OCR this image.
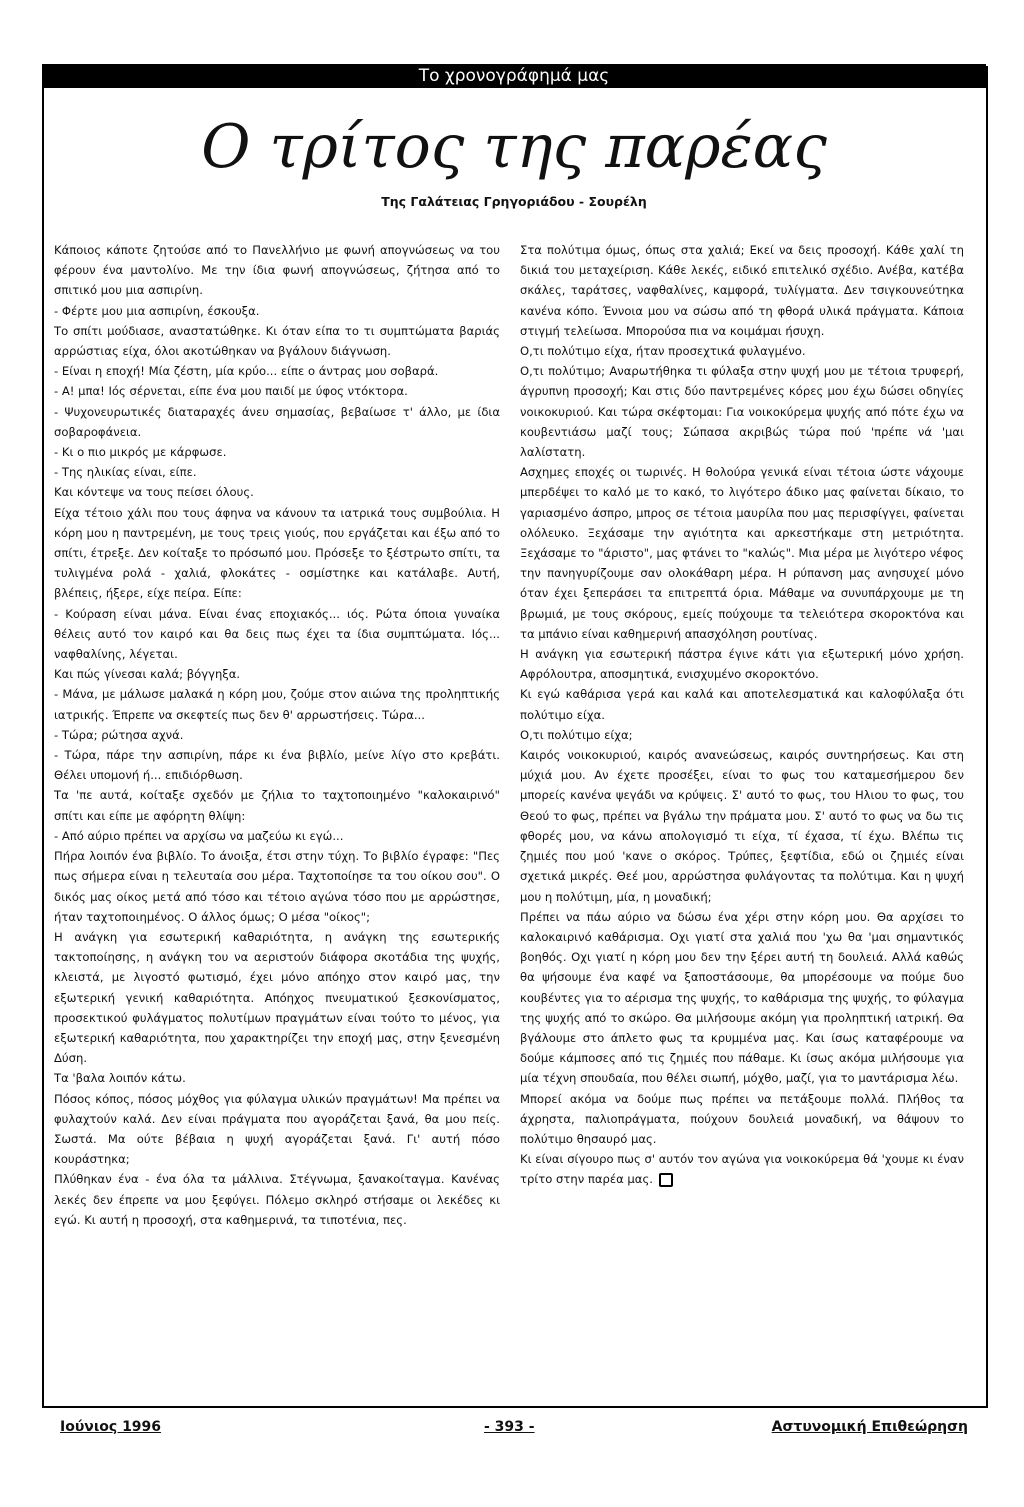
Το χρονογράφημά μας
Ο τρίτος της παρέας
Της Γαλάτειας Γρηγοριάδου - Σουρέλη

Κάποιος κάποτε ζητούσε από το Πανελλήνιο με φωνή απογνώσεως να του φέρουν ένα μαντολίνο. Με την ίδια φωνή απογνώσεως, ζήτησα από το σπιτικό μου μια ασπιρίνη.

- Φέρτε μου μια ασπιρίνη, έσκουξα.

Το σπίτι μούδιασε, αναστατώθηκε. Κι όταν είπα το τι συμπτώματα βαριάς αρρώστιας είχα, όλοι ακοτώθηκαν να βγάλουν διάγνωση.

- Είναι η εποχή! Μία ζέστη, μία κρύο... είπε ο άντρας μου σοβαρά.

- Α! μπα! Ιός σέρνεται, είπε ένα μου παιδί με ύφος ντόκτορα.

- Ψυχονευρωτικές διαταραχές άνευ σημασίας, βεβαίωσε τ' άλλο, με ίδια σοβαροφάνεια.

- Κι ο πιο μικρός με κάρφωσε.

- Της ηλικίας είναι, είπε.

Και κόντεψε να τους πείσει όλους.

Είχα τέτοιο χάλι που τους άφηνα να κάνουν τα ιατρικά τους συμβούλια. Η κόρη μου η παντρεμένη, με τους τρεις γιούς, που εργάζεται και έξω από το σπίτι, έτρεξε. Δεν κοίταξε το πρόσωπό μου. Πρόσεξε το ξέστρωτο σπίτι, τα τυλιγμένα ρολά - χαλιά, φλοκάτες - οσμίστηκε και κατάλαβε. Αυτή, βλέπεις, ήξερε, είχε πείρα. Είπε:

- Κούραση είναι μάνα. Είναι ένας εποχιακός... ιός. Ρώτα όποια γυναίκα θέλεις αυτό τον καιρό και θα δεις πως έχει τα ίδια συμπτώματα. Ιός... ναφθαλίνης, λέγεται.

Και πώς γίνεσαι καλά; βόγγηξα.

- Μάνα, με μάλωσε μαλακά η κόρη μου, ζούμε στον αιώνα της προληπτικής ιατρικής. Έπρεπε να σκεφτείς πως δεν θ' αρρωστήσεις. Τώρα...

- Τώρα; ρώτησα αχνά.

- Τώρα, πάρε την ασπιρίνη, πάρε κι ένα βιβλίο, μείνε λίγο στο κρεβάτι. Θέλει υπομονή ή... επιδιόρθωση.

Τα 'πε αυτά, κοίταξε σχεδόν με ζήλια το ταχτοποιημένο "καλοκαιρινό" σπίτι και είπε με αφόρητη θλίψη:

- Από αύριο πρέπει να αρχίσω να μαζεύω κι εγώ...

Πήρα λοιπόν ένα βιβλίο. Το άνοιξα, έτσι στην τύχη. Το βιβλίο έγραφε: "Πες πως σήμερα είναι η τελευταία σου μέρα. Ταχτοποίησε τα του οίκου σου". Ο δικός μας οίκος μετά από τόσο και τέτοιο αγώνα τόσο που με αρρώστησε, ήταν ταχτοποιημένος. Ο άλλος όμως; Ο μέσα "οίκος";

Η ανάγκη για εσωτερική καθαριότητα, η ανάγκη της εσωτερικής τακτοποίησης, η ανάγκη του να αεριστούν διάφορα σκοτάδια της ψυχής, κλειστά, με λιγοστό φωτισμό, έχει μόνο απόηχο στον καιρό μας, την εξωτερική γενική καθαριότητα. Απόηχος πνευματικού ξεσκονίσματος, προσεκτικού φυλάγματος πολυτίμων πραγμάτων είναι τούτο το μένος, για εξωτερική καθαριότητα, που χαρακτηρίζει την εποχή μας, στην ξενεσμένη Δύση.

Τα 'βαλα λοιπόν κάτω.

Πόσος κόπος, πόσος μόχθος για φύλαγμα υλικών πραγμάτων! Μα πρέπει να φυλαχτούν καλά. Δεν είναι πράγματα που αγοράζεται ξανά, θα μου πείς. Σωστά. Μα ούτε βέβαια η ψυχή αγοράζεται ξανά. Γι' αυτή πόσο κουράστηκα;

Πλύθηκαν ένα - ένα όλα τα μάλλινα. Στέγνωμα, ξανακοίταγμα. Κανένας λεκές δεν έπρεπε να μου ξεφύγει. Πόλεμο σκληρό στήσαμε οι λεκέδες κι εγώ. Κι αυτή η προσοχή, στα καθημερινά, τα τιποτένια, πες.

Στα πολύτιμα όμως, όπως στα χαλιά; Εκεί να δεις προσοχή. Κάθε χαλί τη δικιά του μεταχείριση. Κάθε λεκές, ειδικό επιτελικό σχέδιο. Ανέβα, κατέβα σκάλες, ταράτσες, ναφθαλίνες, καμφορά, τυλίγματα. Δεν τσιγκουνεύτηκα κανένα κόπο. Έννοια μου να σώσω από τη φθορά υλικά πράγματα. Κάποια στιγμή τελείωσα. Μπορούσα πια να κοιμάμαι ήσυχη.

Ο,τι πολύτιμο είχα, ήταν προσεχτικά φυλαγμένο.

Ο,τι πολύτιμο; Αναρωτήθηκα τι φύλαξα στην ψυχή μου με τέτοια τρυφερή, άγρυπνη προσοχή; Και στις δύο παντρεμένες κόρες μου έχω δώσει οδηγίες νοικοκυριού. Και τώρα σκέφτομαι: Για νοικοκύρεμα ψυχής από πότε έχω να κουβεντιάσω μαζί τους; Σώπασα ακριβώς τώρα πού 'πρέπε νά 'μαι λαλίστατη.

Ασχημες εποχές οι τωρινές. Η θολούρα γενικά είναι τέτοια ώστε νάχουμε μπερδέψει το καλό με το κακό, το λιγότερο άδικο μας φαίνεται δίκαιο, το γαριασμένο άσπρο, μπρος σε τέτοια μαυρίλα που μας περισφίγγει, φαίνεται ολόλευκο. Ξεχάσαμε την αγιότητα και αρκεστήκαμε στη μετριότητα. Ξεχάσαμε το "άριστο", μας φτάνει το "καλώς". Μια μέρα με λιγότερο νέφος την πανηγυρίζουμε σαν ολοκάθαρη μέρα. Η ρύπανση μας ανησυχεί μόνο όταν έχει ξεπεράσει τα επιτρεπτά όρια. Μάθαμε να συνυπάρχουμε με τη βρωμιά, με τους σκόρους, εμείς πούχουμε τα τελειότερα σκοροκτόνα και τα μπάνιο είναι καθημερινή απασχόληση ρουτίνας.

Η ανάγκη για εσωτερική πάστρα έγινε κάτι για εξωτερική μόνο χρήση. Αφρόλουτρα, αποσμητικά, ενισχυμένο σκοροκτόνο.

Κι εγώ καθάρισα γερά και καλά και αποτελεσματικά και καλοφύλαξα ότι πολύτιμο είχα.

Ο,τι πολύτιμο είχα;

Καιρός νοικοκυριού, καιρός ανανεώσεως, καιρός συντηρήσεως. Και στη μύχιά μου. Αν έχετε προσέξει, είναι το φως του καταμεσήμερου δεν μπορείς κανένα ψεγάδι να κρύψεις. Σ' αυτό το φως, του Ηλιου το φως, του Θεού το φως, πρέπει να βγάλω την πράματα μου. Σ' αυτό το φως να δω τις φθορές μου, να κάνω απολογισμό τι είχα, τί έχασα, τί έχω. Βλέπω τις ζημιές που μού 'κανε ο σκόρος. Τρύπες, ξεφτίδια, εδώ οι ζημιές είναι σχετικά μικρές. Θεέ μου, αρρώστησα φυλάγοντας τα πολύτιμα. Και η ψυχή μου η πολύτιμη, μία, η μοναδική;

Πρέπει να πάω αύριο να δώσω ένα χέρι στην κόρη μου. Θα αρχίσει το καλοκαιρινό καθάρισμα. Οχι γιατί στα χαλιά που 'χω θα 'μαι σημαντικός βοηθός. Οχι γιατί η κόρη μου δεν την ξέρει αυτή τη δουλειά. Αλλά καθώς θα ψήσουμε ένα καφέ να ξαποστάσουμε, θα μπορέσουμε να πούμε δυο κουβέντες για το αέρισμα της ψυχής, το καθάρισμα της ψυχής, το φύλαγμα της ψυχής από το σκώρο. Θα μιλήσουμε ακόμη για προληπτική ιατρική. Θα βγάλουμε στο άπλετο φως τα κρυμμένα μας. Και ίσως καταφέρουμε να δούμε κάμποσες από τις ζημιές που πάθαμε. Κι ίσως ακόμα μιλήσουμε για μία τέχνη σπουδαία, που θέλει σιωπή, μόχθο, μαζί, για το μαντάρισμα λέω.

Μπορεί ακόμα να δούμε πως πρέπει να πετάξουμε πολλά. Πλήθος τα άχρηστα, παλιοπράγματα, πούχουν δουλειά μοναδική, να θάψουν το πολύτιμο θησαυρό μας.

Κι είναι σίγουρο πως σ' αυτόν τον αγώνα για νοικοκύρεμα θά 'χουμε κι έναν τρίτο στην παρέα μας.

Ιούνιος 1996	- 393 -	Αστυνομική Επιθεώρηση
